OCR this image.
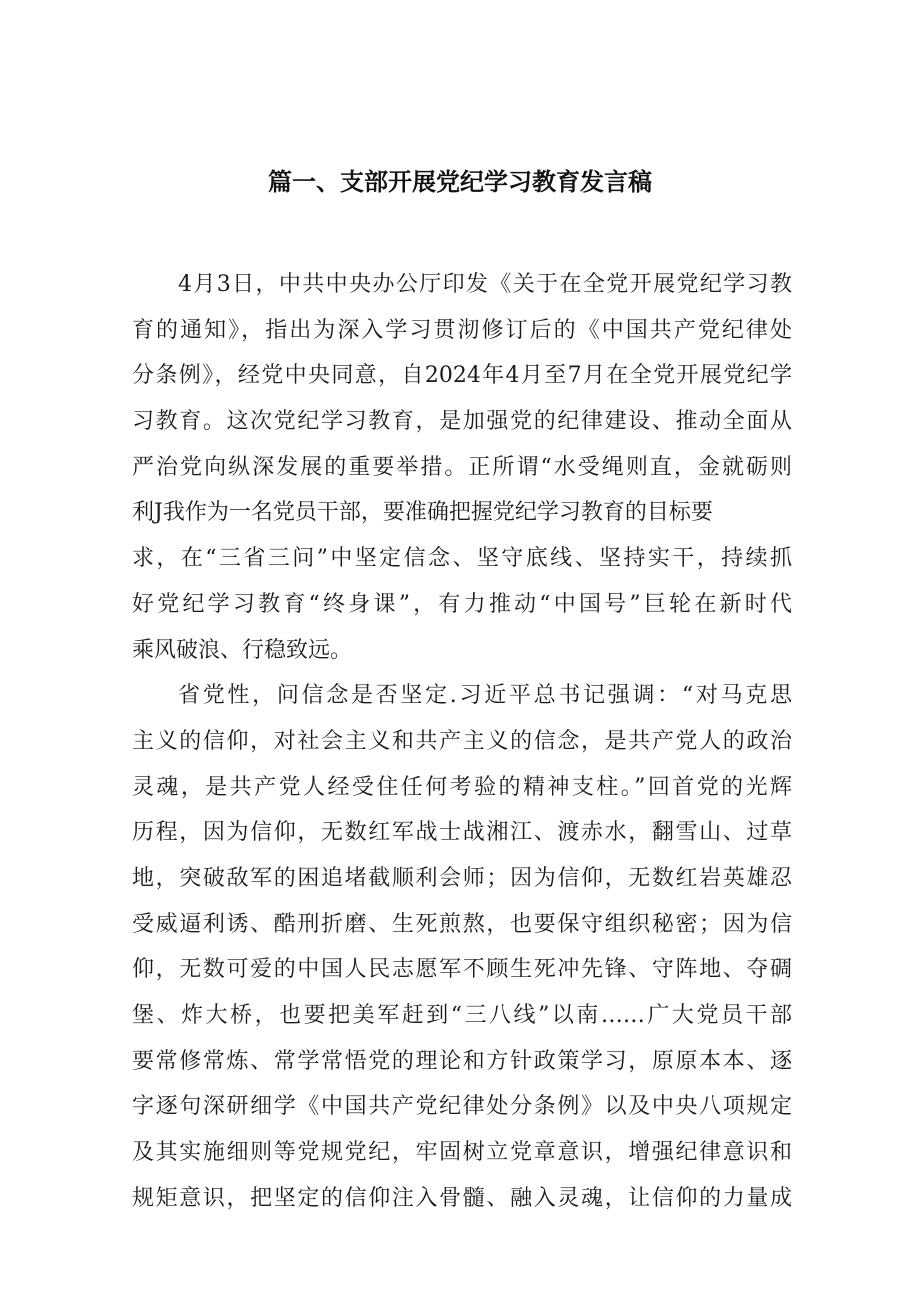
篇一、支部开展党纪学习教育发言稿
4月3日，中共中央办公厅印发《关于在全党开展党纪学习教
育的通知》，指出为深入学习贯沏修订后的《中国共产党纪律处
分条例》，经党中央同意，自2024年4月至7月在全党开展党纪学
习教育。这次党纪学习教育，是加强党的纪律建设、推动全面从
严治党向纵深发展的重要举措。正所谓“水受绳则直，金就砺则
利J我作为一名党员干部，要准确把握党纪学习教育的目标要
求，在“三省三问”中坚定信念、坚守底线、坚持实干，持续抓
好党纪学习教育“终身课”，有力推动“中国号”巨轮在新时代
乘风破浪、行稳致远。
省党性，问信念是否坚定.习近平总书记强调：“对马克思
主义的信仰，对社会主义和共产主义的信念，是共产党人的政治
灵魂，是共产党人经受住任何考验的精神支柱。”回首党的光辉
历程，因为信仰，无数红军战士战湘江、渡赤水，翻雪山、过草
地，突破敌军的困追堵截顺利会师；因为信仰，无数红岩英雄忍
受威逼利诱、酷刑折磨、生死煎熬，也要保守组织秘密；因为信
仰，无数可爱的中国人民志愿军不顾生死冲先锋、守阵地、夺碉
堡、炸大桥，也要把美军赶到“三八线”以南……广大党员干部
要常修常炼、常学常悟党的理论和方针政策学习，原原本本、逐
字逐句深研细学《中国共产党纪律处分条例》以及中央八项规定
及其实施细则等党规党纪，牢固树立党章意识，增强纪律意识和
规矩意识，把坚定的信仰注入骨髓、融入灵魂，让信仰的力量成
